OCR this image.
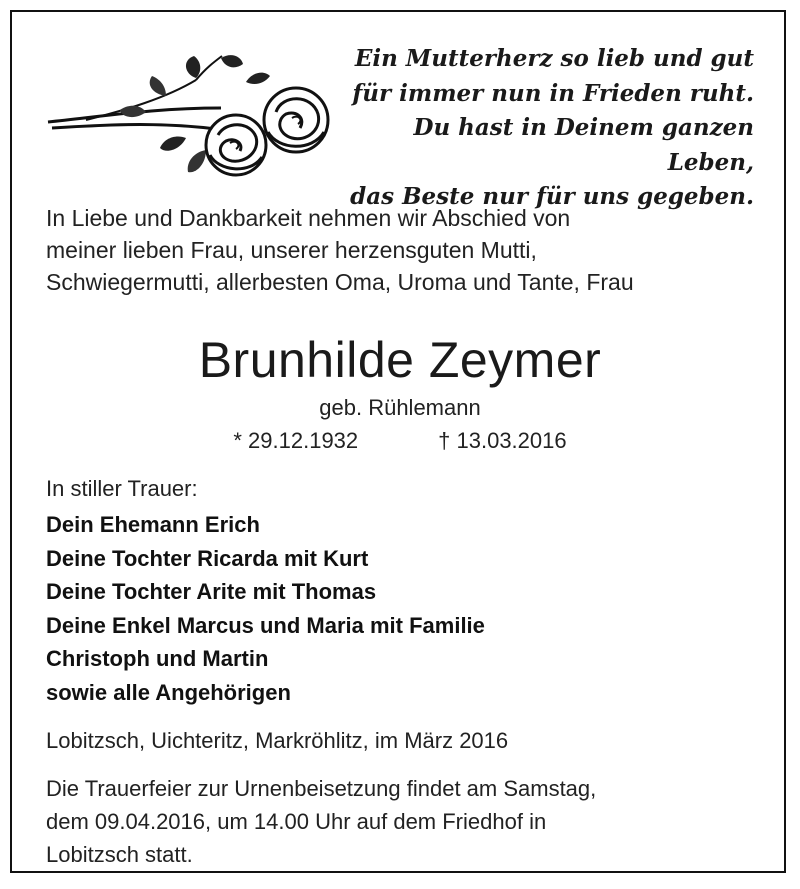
Ein Mutterherz so lieb und gut
für immer nun in Frieden ruht.
Du hast in Deinem ganzen Leben,
das Beste nur für uns gegeben.
In Liebe und Dankbarkeit nehmen wir Abschied von
meiner lieben Frau, unserer herzensguten Mutti,
Schwiegermutti, allerbesten Oma, Uroma und Tante, Frau
Brunhilde Zeymer
geb. Rühlemann
* 29.12.1932	† 13.03.2016
In stiller Trauer:
Dein Ehemann Erich
Deine Tochter Ricarda mit Kurt
Deine Tochter Arite mit Thomas
Deine Enkel Marcus und Maria mit Familie
Christoph und Martin
sowie alle Angehörigen
Lobitzsch, Uichteritz, Markröhlitz, im März 2016
Die Trauerfeier zur Urnenbeisetzung findet am Samstag,
dem 09.04.2016, um 14.00 Uhr auf dem Friedhof in
Lobitzsch statt.
